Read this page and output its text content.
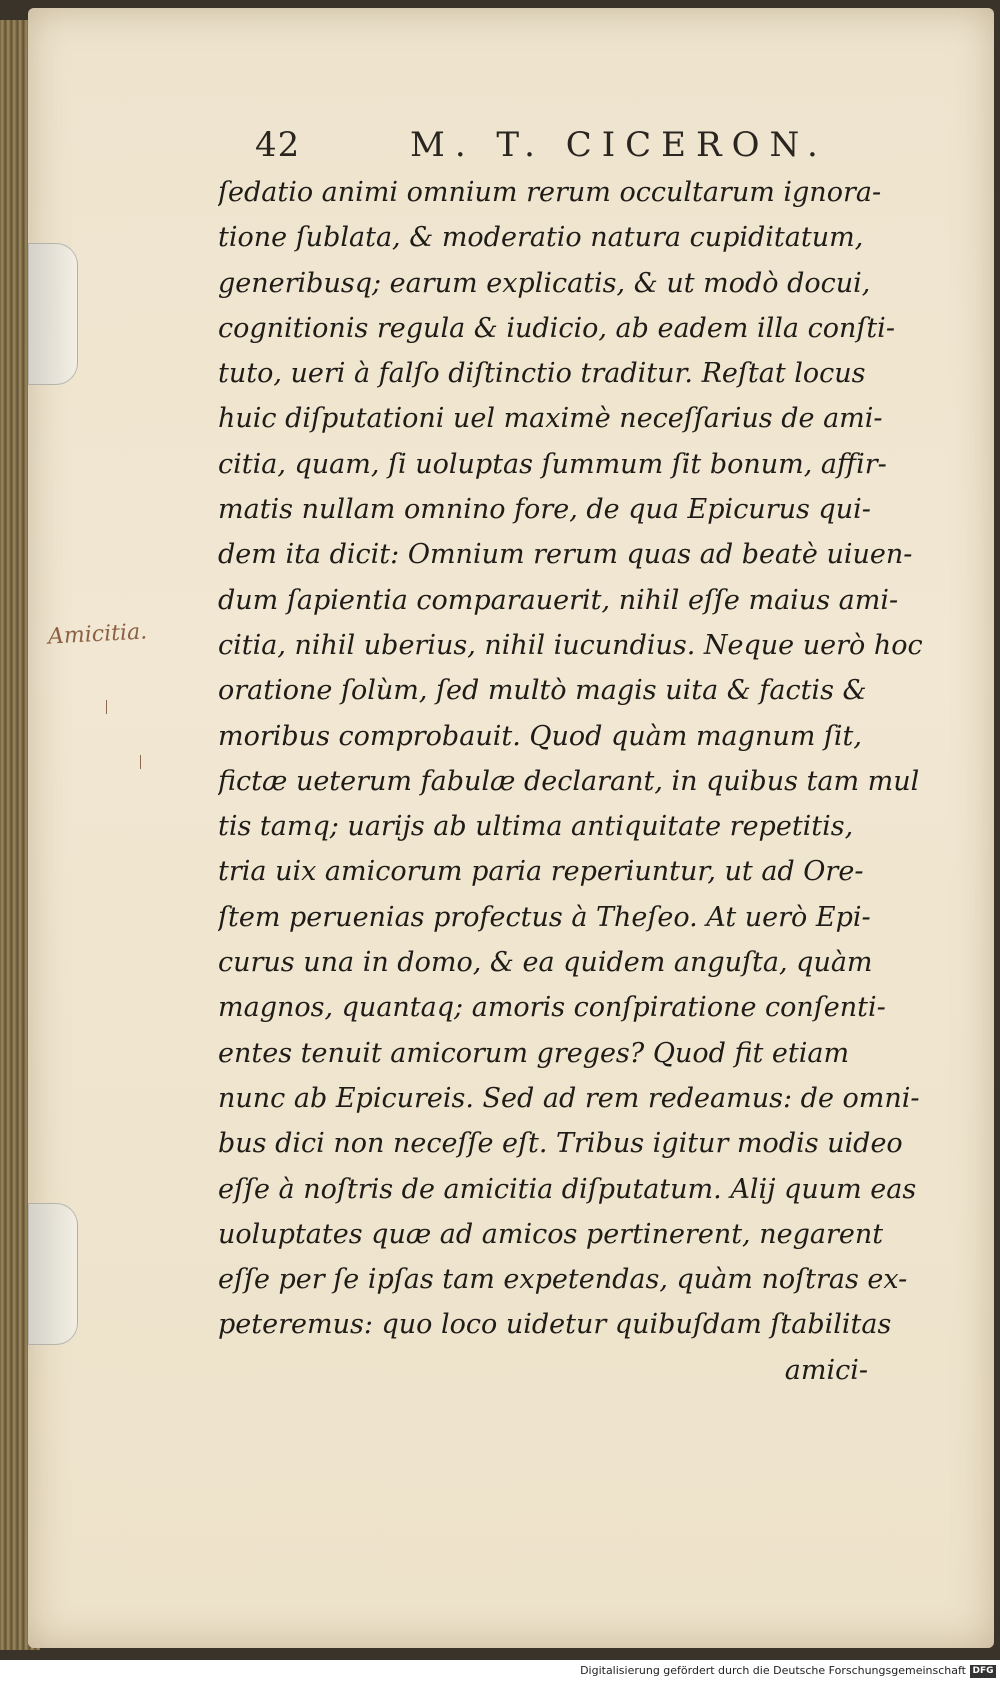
42	M. T. CICERON.
Amicitia.
ſedatio animi omnium rerum occultarum ignora-
tione ſublata, & moderatio natura cupiditatum,
generibusq; earum explicatis, & ut modò docui,
cognitionis regula & iudicio, ab eadem illa conſti-
tuto, ueri à falſo diſtinctio traditur. Reſtat locus
huic diſputationi uel maximè neceſſarius de ami-
citia, quam, ſi uoluptas ſummum ſit bonum, affir-
matis nullam omnino fore, de qua Epicurus qui-
dem ita dicit: Omnium rerum quas ad beatè uiuen-
dum ſapientia comparauerit, nihil eſſe maius ami-
citia, nihil uberius, nihil iucundius. Neque uerò hoc
oratione ſolùm, ſed multò magis uita & factis &
moribus comprobauit. Quod quàm magnum ſit,
fictæ ueterum fabulæ declarant, in quibus tam mul
tis tamq; uarijs ab ultima antiquitate repetitis,
tria uix amicorum paria reperiuntur, ut ad Ore-
ſtem peruenias profectus à Theſeo. At uerò Epi-
curus una in domo, & ea quidem anguſta, quàm
magnos, quantaq; amoris conſpiratione conſenti-
entes tenuit amicorum greges? Quod fit etiam
nunc ab Epicureis. Sed ad rem redeamus: de omni-
bus dici non neceſſe eſt. Tribus igitur modis uideo
eſſe à noſtris de amicitia diſputatum. Alij quum eas
uoluptates quæ ad amicos pertinerent, negarent
eſſe per ſe ipſas tam expetendas, quàm noſtras ex-
peteremus: quo loco uidetur quibuſdam ſtabilitas
amici-
Digitalisierung gefördert durch die Deutsche Forschungsgemeinschaft DFG
